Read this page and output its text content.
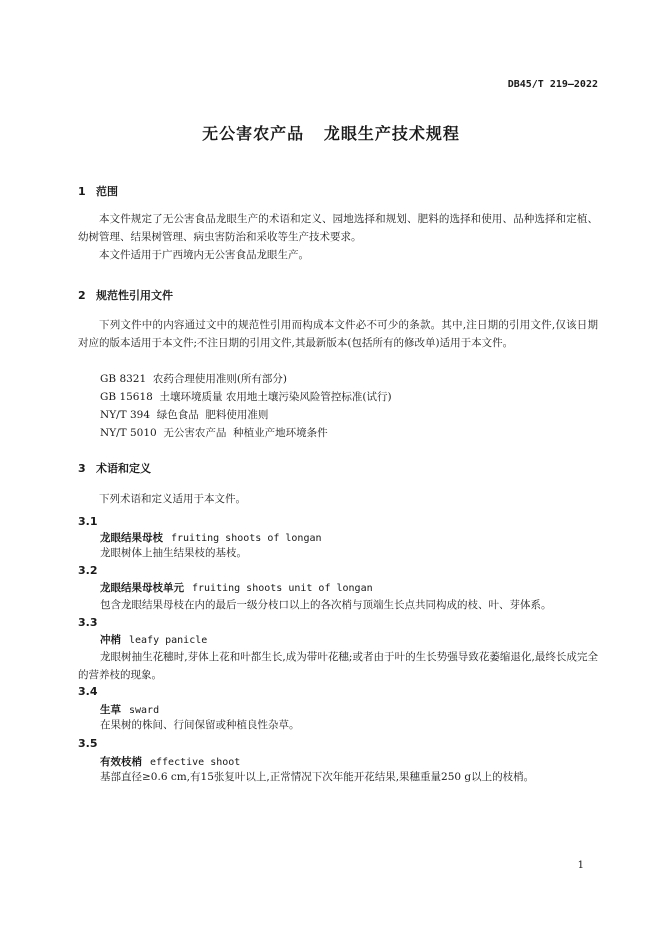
DB45/T 219—2022
无公害农产品   龙眼生产技术规程
1 范围
本文件规定了无公害食品龙眼生产的术语和定义、园地选择和规划、肥料的选择和使用、品种选择和定植、幼树管理、结果树管理、病虫害防治和采收等生产技术要求。
本文件适用于广西境内无公害食品龙眼生产。
2 规范性引用文件
下列文件中的内容通过文中的规范性引用而构成本文件必不可少的条款。其中,注日期的引用文件,仅该日期对应的版本适用于本文件;不注日期的引用文件,其最新版本(包括所有的修改单)适用于本文件。
GB 8321  农药合理使用准则(所有部分)
GB 15618  土壤环境质量 农用地土壤污染风险管控标准(试行)
NY/T 394  绿色食品  肥料使用准则
NY/T 5010  无公害农产品  种植业产地环境条件
3 术语和定义
下列术语和定义适用于本文件。
3.1
龙眼结果母枝 fruiting shoots of longan
龙眼树体上抽生结果枝的基枝。
3.2
龙眼结果母枝单元 fruiting shoots unit of longan
包含龙眼结果母枝在内的最后一级分枝口以上的各次梢与顶端生长点共同构成的枝、叶、芽体系。
3.3
冲梢 leafy panicle
龙眼树抽生花穗时,芽体上花和叶都生长,成为带叶花穗;或者由于叶的生长势强导致花萎缩退化,最终长成完全的营养枝的现象。
3.4
生草 sward
在果树的株间、行间保留或种植良性杂草。
3.5
有效枝梢 effective shoot
基部直径≥0.6 cm,有15张复叶以上,正常情况下次年能开花结果,果穗重量250 g以上的枝梢。
1
